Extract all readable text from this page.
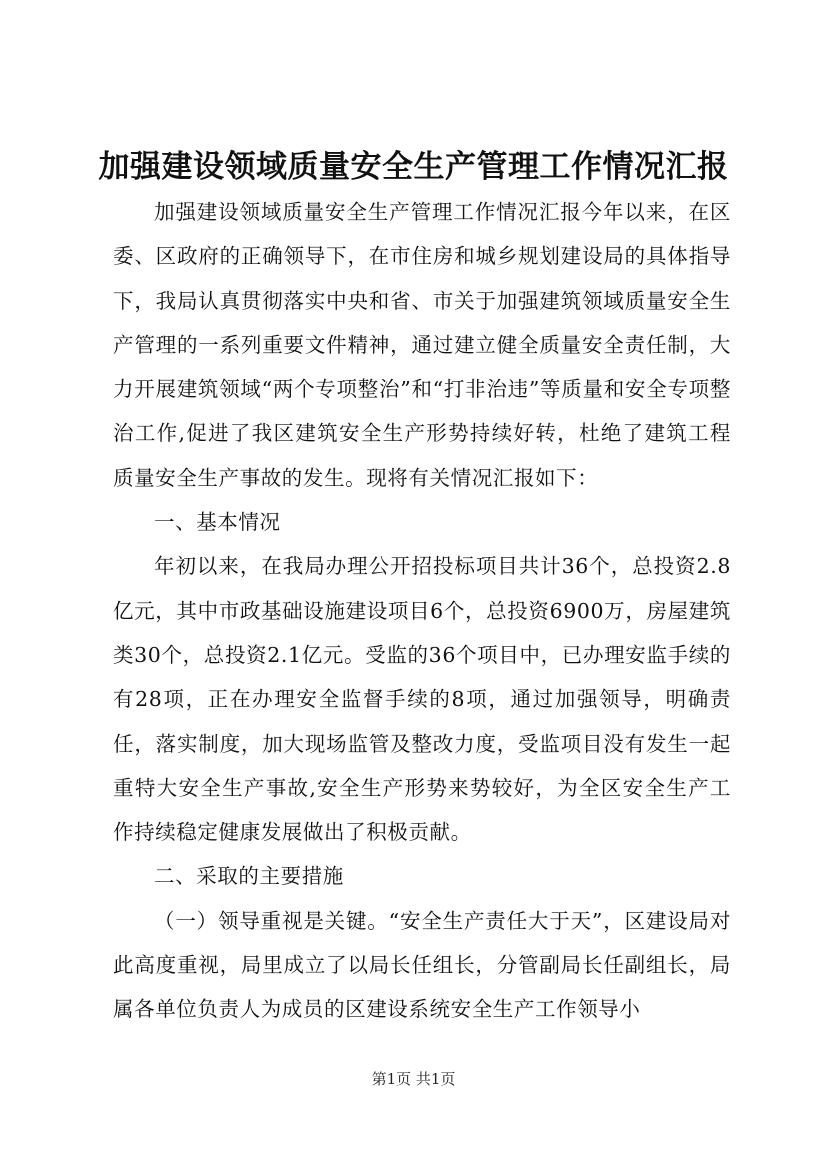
加强建设领域质量安全生产管理工作情况汇报

加强建设领域质量安全生产管理工作情况汇报今年以来，在区委、区政府的正确领导下，在市住房和城乡规划建设局的具体指导下，我局认真贯彻落实中央和省、市关于加强建筑领域质量安全生产管理的一系列重要文件精神，通过建立健全质量安全责任制，大力开展建筑领域“两个专项整治”和“打非治违”等质量和安全专项整治工作,促进了我区建筑安全生产形势持续好转，杜绝了建筑工程质量安全生产事故的发生。现将有关情况汇报如下：

一、基本情况

年初以来，在我局办理公开招投标项目共计36个，总投资2.8亿元，其中市政基础设施建设项目6个，总投资6900万，房屋建筑类30个，总投资2.1亿元。受监的36个项目中，已办理安监手续的有28项，正在办理安全监督手续的8项，通过加强领导，明确责任，落实制度，加大现场监管及整改力度，受监项目没有发生一起重特大安全生产事故,安全生产形势来势较好，为全区安全生产工作持续稳定健康发展做出了积极贡献。

二、采取的主要措施

（一）领导重视是关键。“安全生产责任大于天”，区建设局对此高度重视，局里成立了以局长任组长，分管副局长任副组长，局属各单位负责人为成员的区建设系统安全生产工作领导小

第1页 共1页
